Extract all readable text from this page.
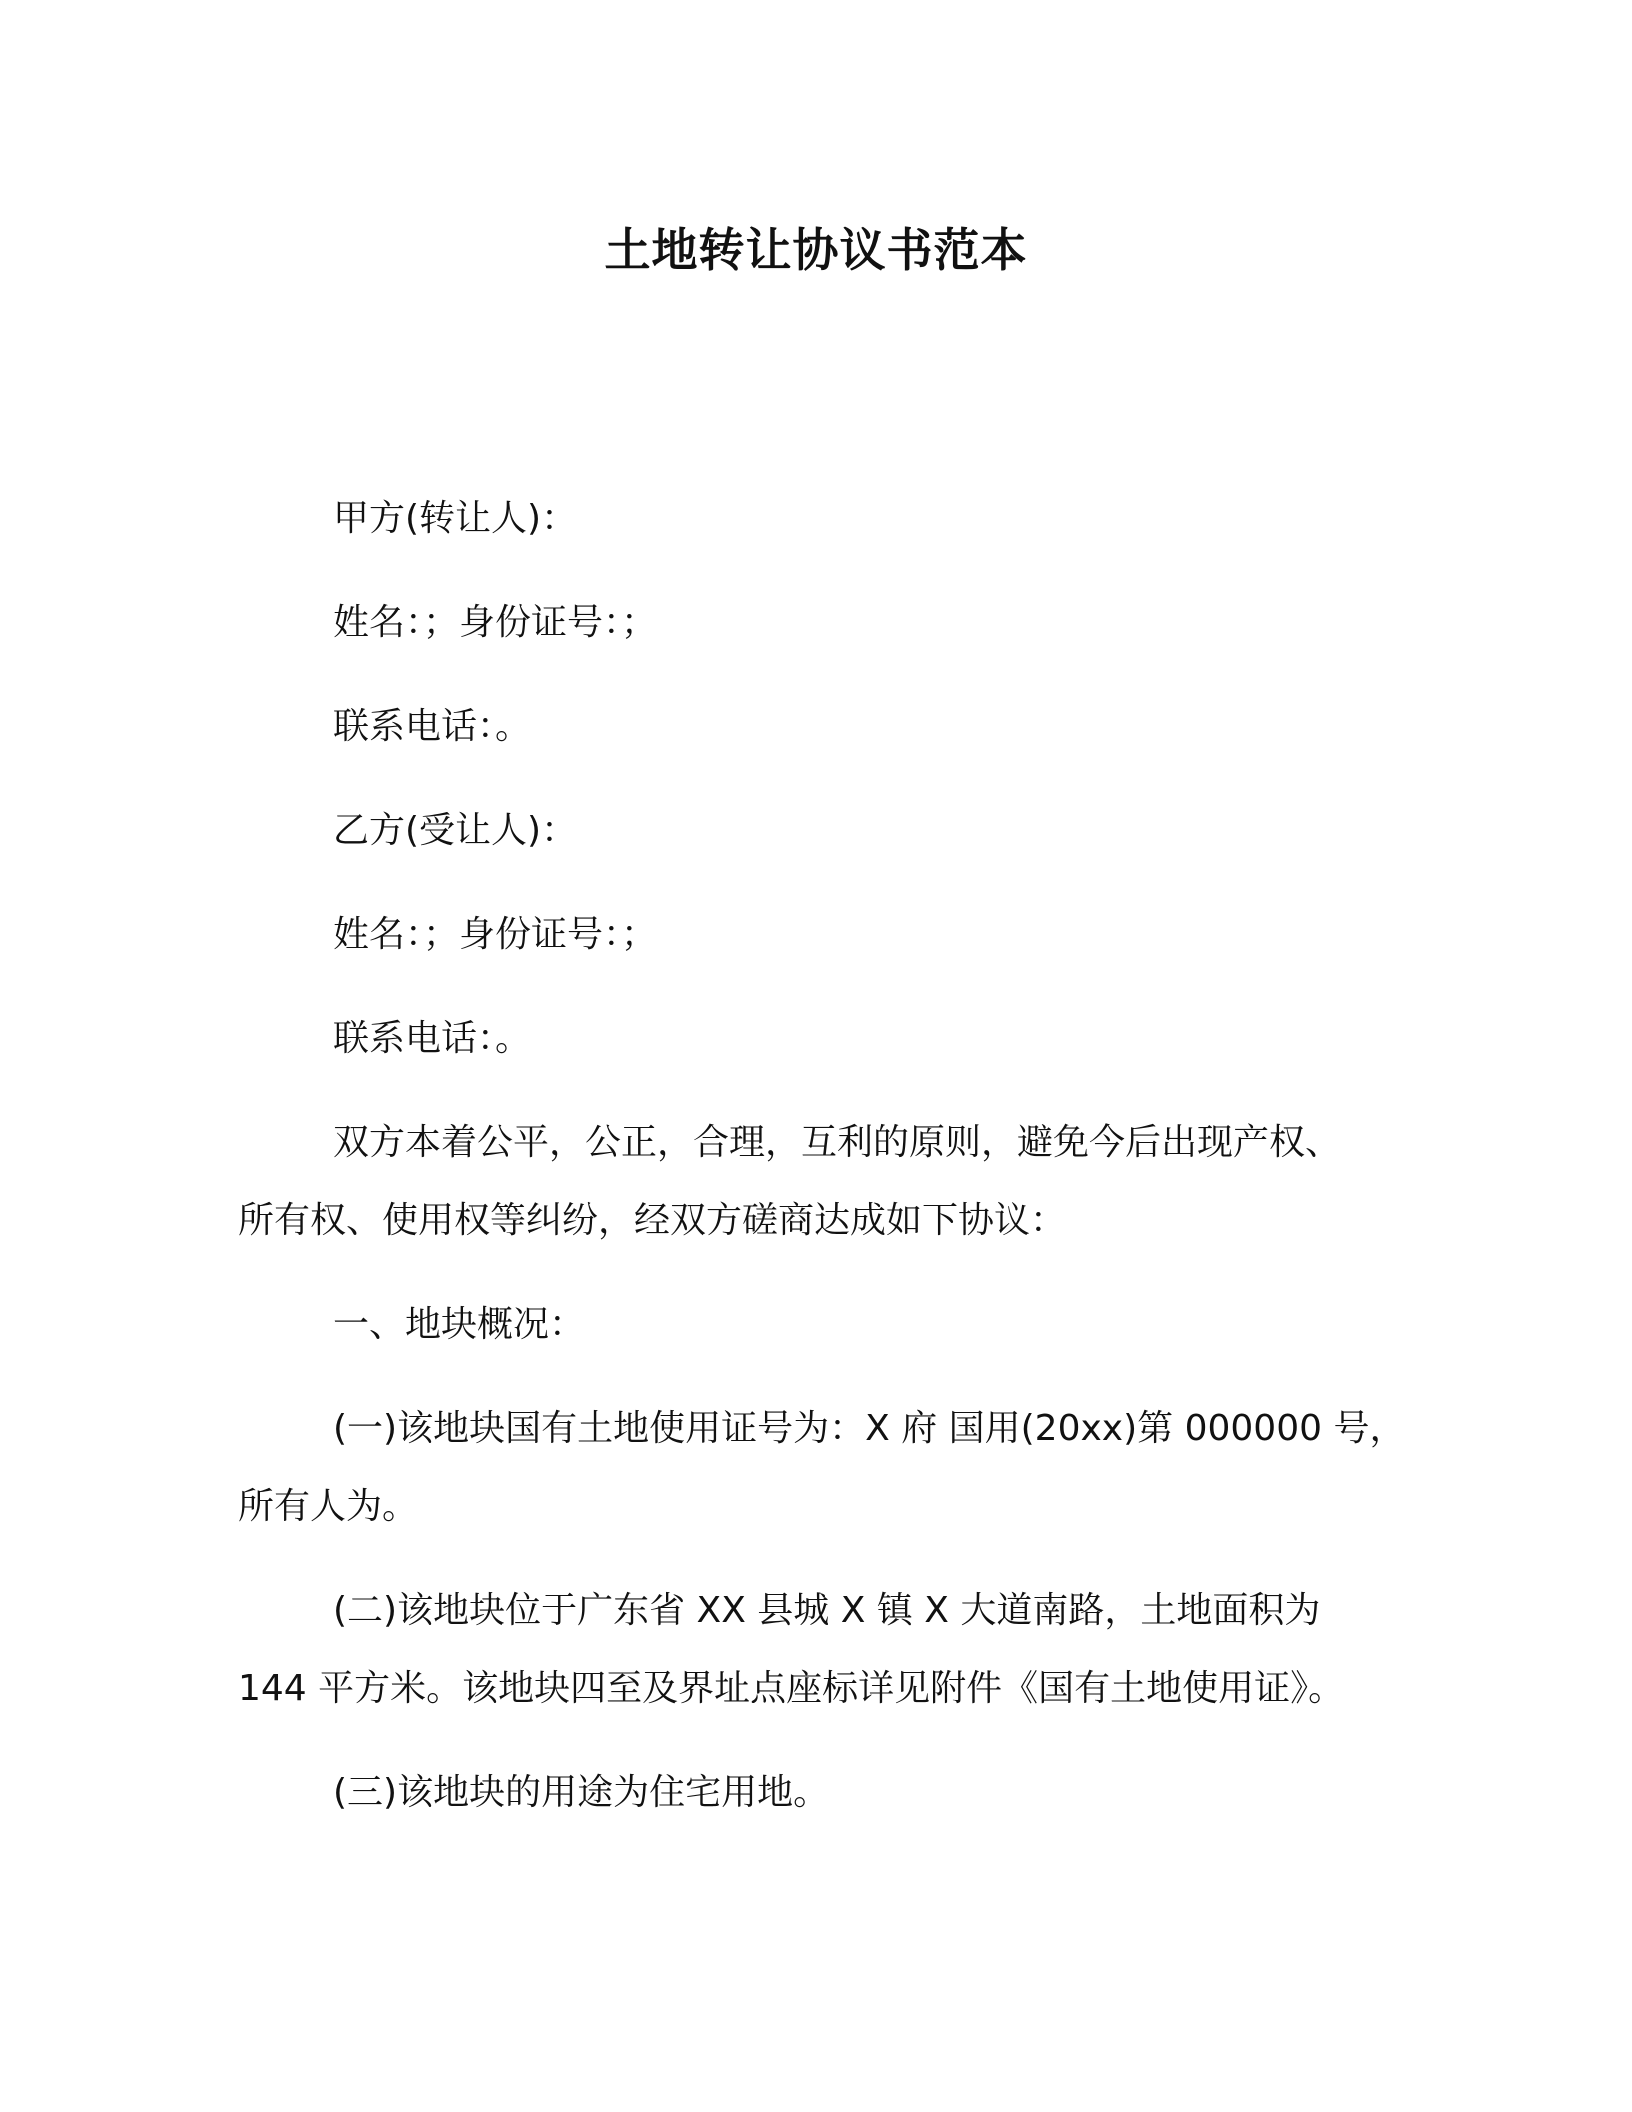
土地转让协议书范本
甲方(转让人)：
姓名：；身份证号：；
联系电话：。
乙方(受让人)：
姓名：；身份证号：；
联系电话：。
双方本着公平，公正，合理，互利的原则，避免今后出现产权、
所有权、使用权等纠纷，经双方磋商达成如下协议：
一、地块概况：
(一)该地块国有土地使用证号为：X 府 国用(20xx)第 000000 号，
所有人为。
(二)该地块位于广东省 XX 县城 X 镇 X 大道南路，土地面积为
144 平方米。该地块四至及界址点座标详见附件《国有土地使用证》。
(三)该地块的用途为住宅用地。
